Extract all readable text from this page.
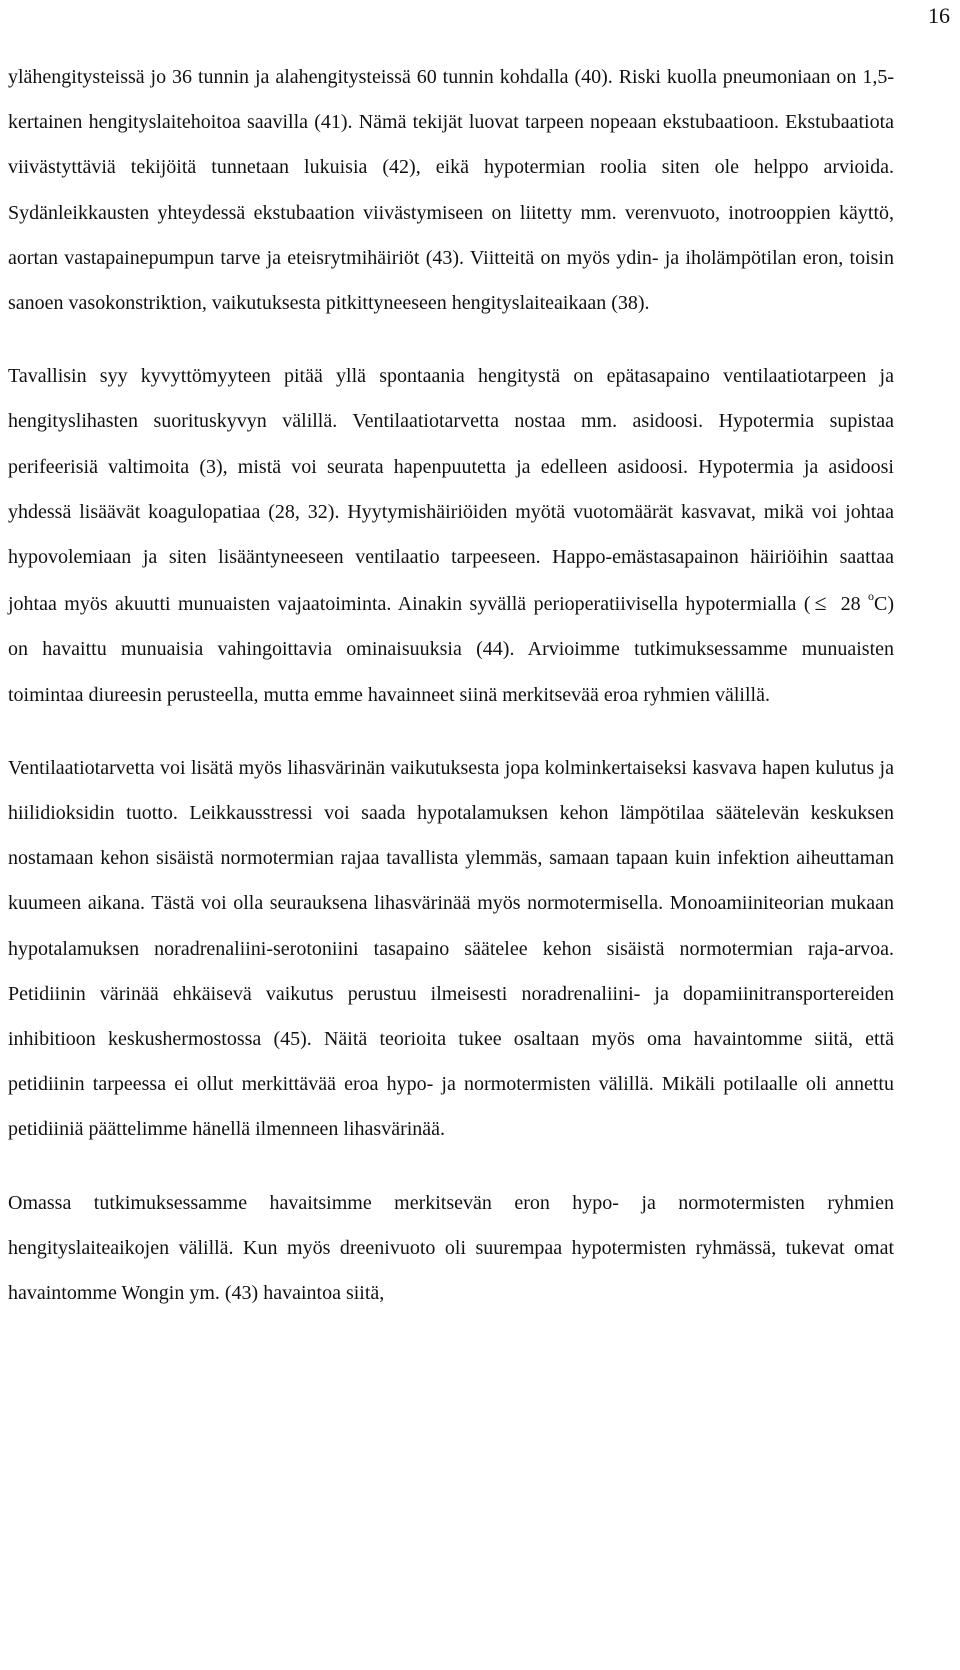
16

ylähengitysteissä jo 36 tunnin ja alahengitysteissä 60 tunnin kohdalla (40). Riski kuolla pneumoniaan on 1,5-kertainen hengityslaitehoitoa saavilla (41). Nämä tekijät luovat tarpeen nopeaan ekstubaatioon. Ekstubaatiota viivästyttäviä tekijöitä tunnetaan lukuisia (42), eikä hypotermian roolia siten ole helppo arvioida. Sydänleikkausten yhteydessä ekstubaation viivästymiseen on liitetty mm. verenvuoto, inotrooppien käyttö, aortan vastapainepumpun tarve ja eteisrytmihäiriöt (43). Viitteitä on myös ydin- ja iholämpötilan eron, toisin sanoen vasokonstriktion, vaikutuksesta pitkittyneeseen hengityslaiteaikaan (38).

Tavallisin syy kyvyttömyyteen pitää yllä spontaania hengitystä on epätasapaino ventilaatiotarpeen ja hengityslihasten suorituskyvyn välillä. Ventilaatiotarvetta nostaa mm. asidoosi. Hypotermia supistaa perifeerisiä valtimoita (3), mistä voi seurata hapenpuutetta ja edelleen asidoosi. Hypotermia ja asidoosi yhdessä lisäävät koagulopatiaa (28, 32). Hyytymishäiriöiden myötä vuotomäärät kasvavat, mikä voi johtaa hypovolemiaan ja siten lisääntyneeseen ventilaatio tarpeeseen. Happo-emästasapainon häiriöihin saattaa johtaa myös akuutti munuaisten vajaatoiminta. Ainakin syvällä perioperatiivisella hypotermialla ( ≤ 28 $^o$C) on havaittu munuaisia vahingoittavia ominaisuuksia (44). Arvioimme tutkimuksessamme munuaisten toimintaa diureesin perusteella, mutta emme havainneet siinä merkitsevää eroa ryhmien välillä.

Ventilaatiotarvetta voi lisätä myös lihasvärinän vaikutuksesta jopa kolminkertaiseksi kasvava hapen kulutus ja hiilidioksidin tuotto. Leikkausstressi voi saada hypotalamuksen kehon lämpötilaa säätelevän keskuksen nostamaan kehon sisäistä normotermian rajaa tavallista ylemmäs, samaan tapaan kuin infektion aiheuttaman kuumeen aikana. Tästä voi olla seurauksena lihasvärinää myös normotermisella. Monoamiiniteorian mukaan hypotalamuksen noradrenaliini-serotoniini tasapaino säätelee kehon sisäistä normotermian raja-arvoa. Petidiinin värinää ehkäisevä vaikutus perustuu ilmeisesti noradrenaliini- ja dopamiinitransportereiden inhibitioon keskushermostossa (45). Näitä teorioita tukee osaltaan myös oma havaintomme siitä, että petidiinin tarpeessa ei ollut merkittävää eroa hypo- ja normotermisten välillä. Mikäli potilaalle oli annettu petidiiniä päättelimme hänellä ilmenneen lihasvärinää.

Omassa tutkimuksessamme havaitsimme merkitsevän eron hypo- ja normotermisten ryhmien hengityslaiteaikojen välillä. Kun myös dreenivuoto oli suurempaa hypotermisten ryhmässä, tukevat omat havaintomme Wongin ym. (43) havaintoa siitä,
